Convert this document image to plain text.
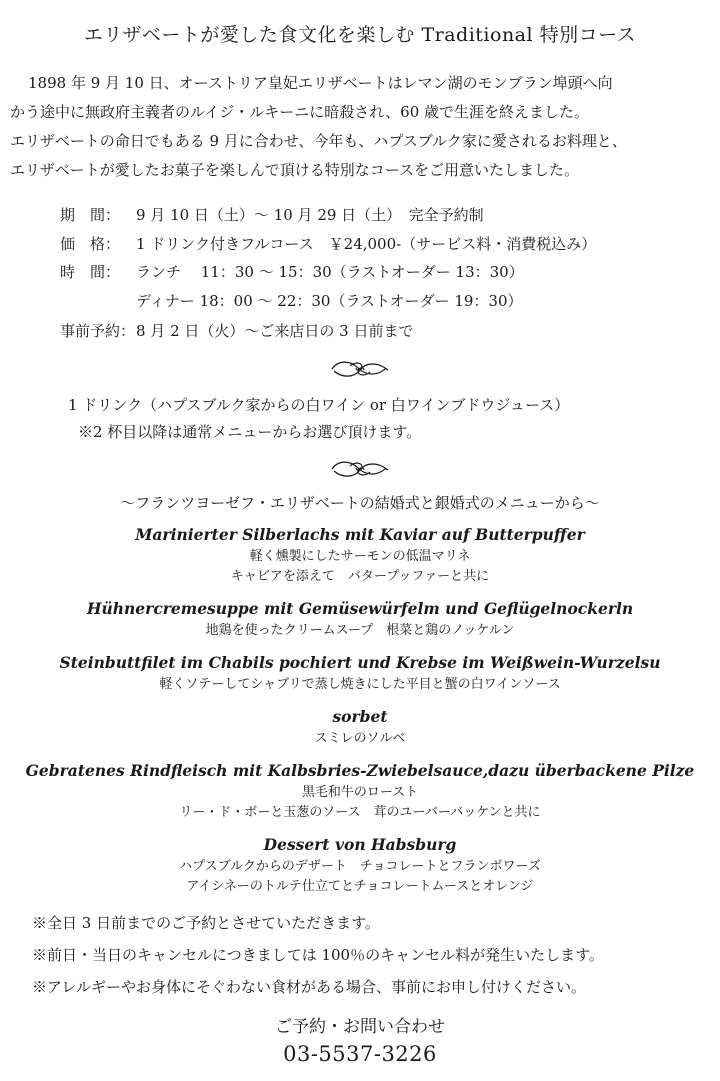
エリザベートが愛した食文化を楽しむ Traditional 特別コース

1898 年 9 月 10 日、オーストリア皇妃エリザベートはレマン湖のモンブラン埠頭へ向
かう途中に無政府主義者のルイジ・ルキーニに暗殺され、60 歳で生涯を終えました。
エリザベートの命日でもある 9 月に合わせ、今年も、ハプスブルク家に愛されるお料理と、
エリザベートが愛したお菓子を楽しんで頂ける特別なコースをご用意いたしました。

期　間：	9 月 10 日（土）～ 10 月 29 日（土）　完全予約制
価　格：	1 ドリンク付きフルコース　￥24,000-（サービス料・消費税込み）
時　間：	ランチ　 11：30 ～ 15：30（ラストオーダー 13：30）
ディナー 18：00 ～ 22：30（ラストオーダー 19：30）
事前予約： 8 月 2 日（火）～ご来店日の 3 日前まで
1 ドリンク（ハプスブルク家からの白ワイン or 白ワインブドウジュース）
※2 杯目以降は通常メニューからお選び頂けます。
～フランツヨーゼフ・エリザベートの結婚式と銀婚式のメニューから～
Marinierter Silberlachs mit Kaviar auf Butterpuffer
軽く燻製にしたサーモンの低温マリネ
キャビアを添えて　バタープッファーと共に
Hühnercremesuppe mit Gemüsewürfelm und Geflügelnockerln
地鶏を使ったクリームスープ　根菜と鶏のノッケルン
Steinbuttfilet im Chabils pochiert und Krebse im Weißwein-Wurzelsu
軽くソテーしてシャブリで蒸し焼きにした平目と蟹の白ワインソース
sorbet
スミレのソルベ
Gebratenes Rindfleisch mit Kalbsbries-Zwiebelsauce,dazu überbackene Pilze
黒毛和牛のロースト
リー・ド・ボーと玉葱のソース　茸のユーバーバッケンと共に
Dessert von Habsburg
ハプスブルクからのデザート　チョコレートとフランボワーズ
アイシネーのトルテ仕立てとチョコレートムースとオレンジ
※全日 3 日前までのご予約とさせていただきます。
※前日・当日のキャンセルにつきましては 100％のキャンセル料が発生いたします。
※アレルギーやお身体にそぐわない食材がある場合、事前にお申し付けください。
ご予約・お問い合わせ
03-5537-3226
